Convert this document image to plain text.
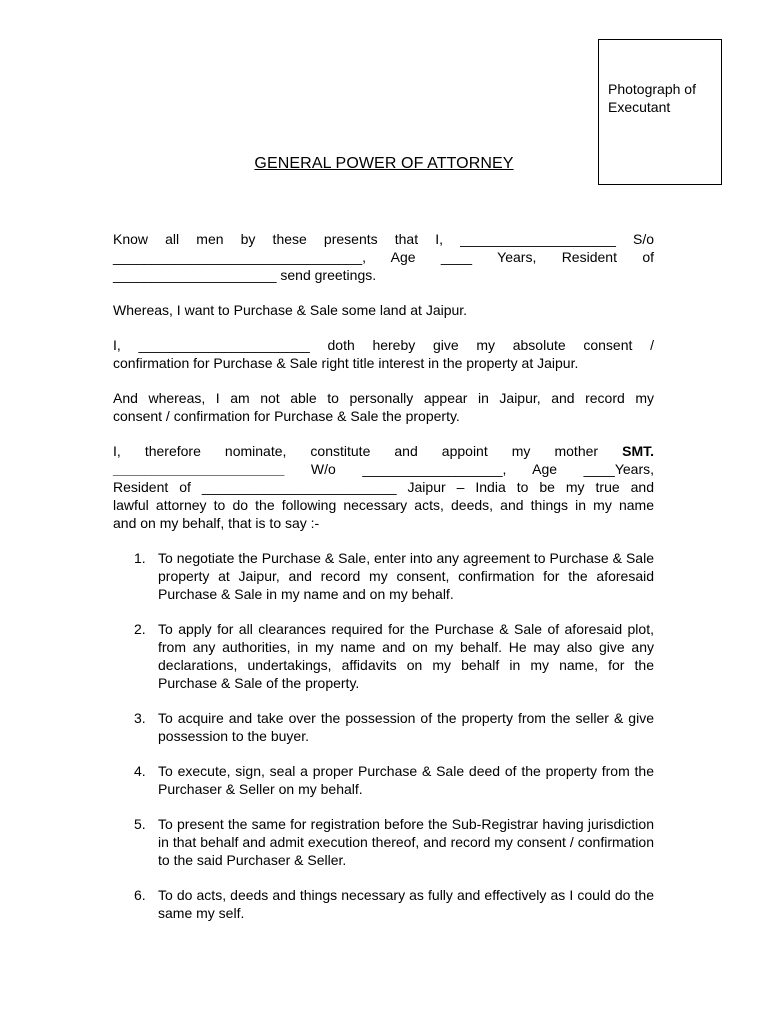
Photograph of
Executant
GENERAL POWER OF ATTORNEY

Know all men by these presents that I, ____________________ S/o
________________________________, Age ____ Years, Resident of
_____________________ send greetings.

Whereas, I want to Purchase & Sale some land at Jaipur.

I, ______________________ doth hereby give my absolute consent /
confirmation for Purchase & Sale right title interest in the property at Jaipur.

And whereas, I am not able to personally appear in Jaipur, and record my
consent / confirmation for Purchase & Sale the property.

I, therefore nominate, constitute and appoint my mother SMT.
______________________ W/o __________________, Age ____Years,
Resident of _________________________ Jaipur – India to be my true and
lawful attorney to do the following necessary acts, deeds, and things in my name
and on my behalf, that is to say :-

1. To negotiate the Purchase & Sale, enter into any agreement to Purchase & Sale property at Jaipur, and record my consent, confirmation for the aforesaid Purchase & Sale in my name and on my behalf.
2. To apply for all clearances required for the Purchase & Sale of aforesaid plot, from any authorities, in my name and on my behalf. He may also give any declarations, undertakings, affidavits on my behalf in my name, for the Purchase & Sale of the property.
3. To acquire and take over the possession of the property from the seller & give possession to the buyer.
4. To execute, sign, seal a proper Purchase & Sale deed of the property from the Purchaser & Seller on my behalf.
5. To present the same for registration before the Sub-Registrar having jurisdiction in that behalf and admit execution thereof, and record my consent / confirmation to the said Purchaser & Seller.
6. To do acts, deeds and things necessary as fully and effectively as I could do the same my self.
